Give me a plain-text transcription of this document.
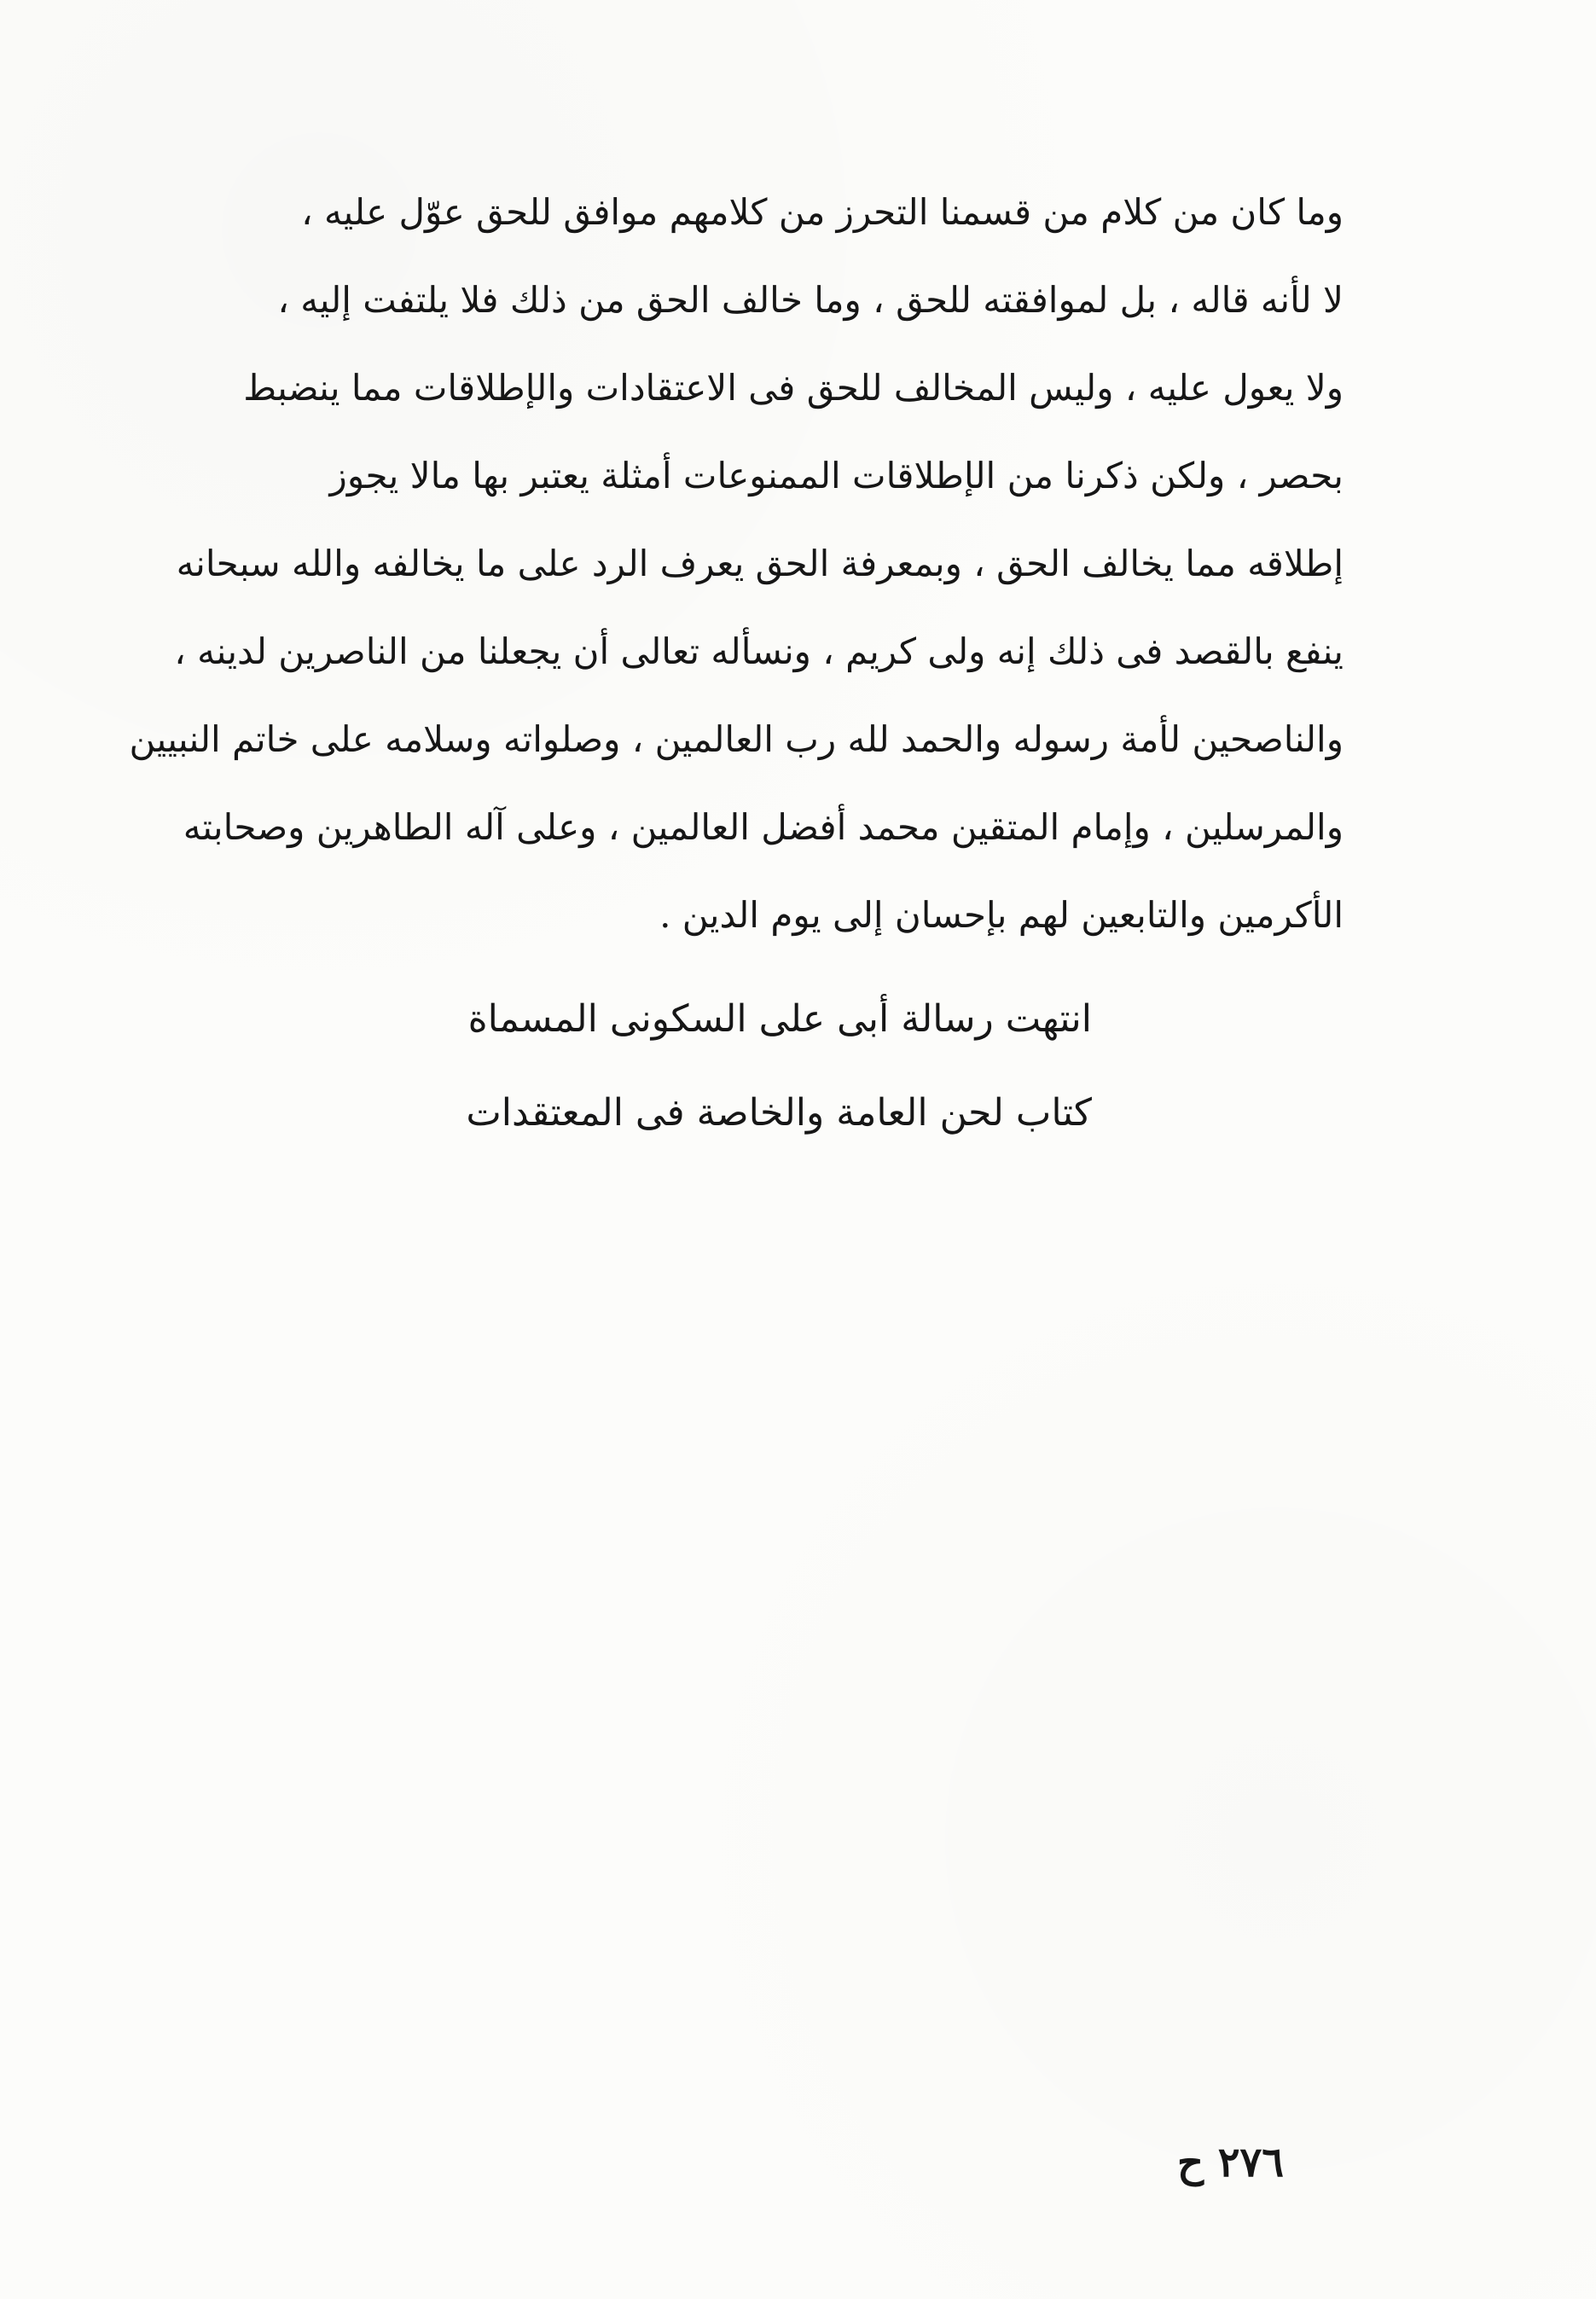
وما كان من كلام من قسمنا التحرز من كلامهم موافق للحق عوّل عليه ،
لا لأنه قاله ، بل لموافقته للحق ، وما خالف الحق من ذلك فلا يلتفت إليه ،
ولا يعول عليه ، وليس المخالف للحق فى الاعتقادات والإطلاقات مما ينضبط
بحصر ، ولكن ذكرنا من الإطلاقات الممنوعات أمثلة يعتبر بها مالا يجوز
إطلاقه مما يخالف الحق ، وبمعرفة الحق يعرف الرد على ما يخالفه والله سبحانه
ينفع بالقصد فى ذلك إنه ولى كريم ، ونسأله تعالى أن يجعلنا من الناصرين لدينه ،
والناصحين لأمة رسوله والحمد لله رب العالمين ، وصلواته وسلامه على خاتم النبيين
والمرسلين ، وإمام المتقين محمد أفضل العالمين ، وعلى آله الطاهرين وصحابته
الأكرمين والتابعين لهم بإحسان إلى يوم الدين .
انتهت رسالة أبى على السكونى المسماة
كتاب لحن العامة والخاصة فى المعتقدات
٢٧٦ ح
